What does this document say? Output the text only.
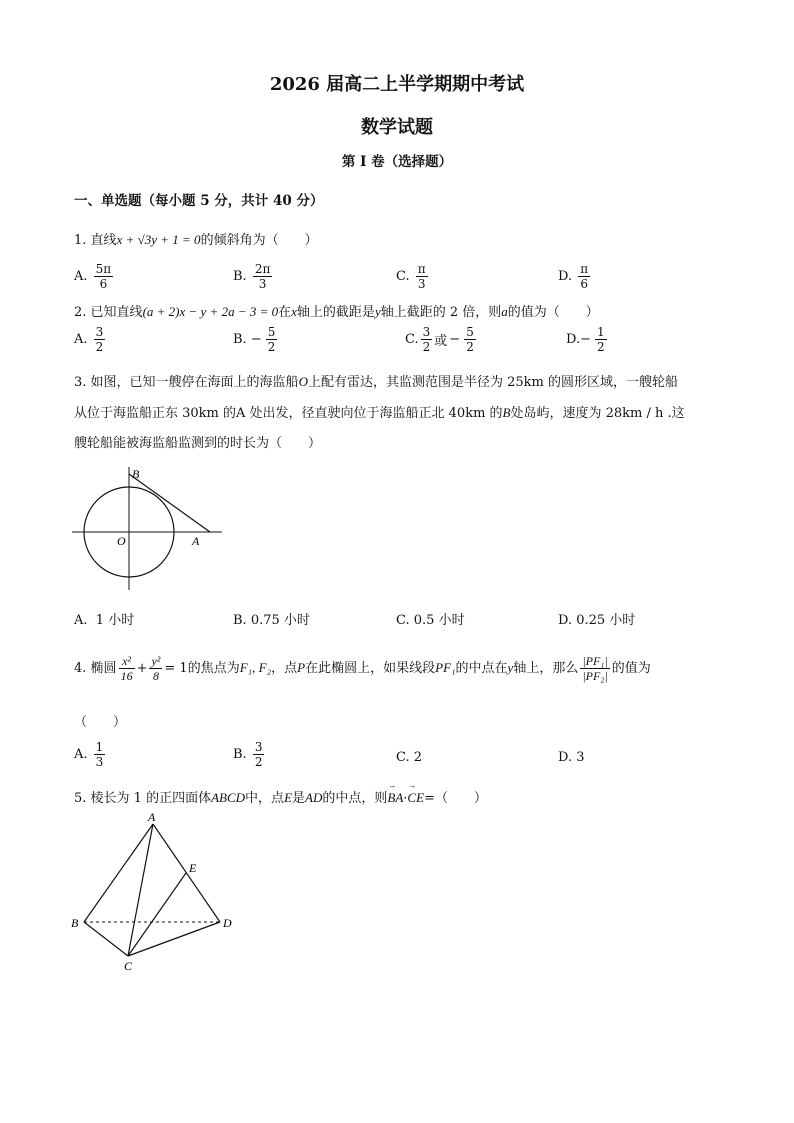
2026 届高二上半学期期中考试
数学试题
第 I 卷（选择题）
一、单选题（每小题 5 分，共计 40 分）
1. 直线x + √3y + 1 = 0的倾斜角为（　　）
A. $\frac{5\pi}{6}$	B. $\frac{2\pi}{3}$	C. $\frac{\pi}{3}$	D. $\frac{\pi}{6}$
2. 已知直线(a + 2)x − y + 2a − 3 = 0在x轴上的截距是y轴上截距的 2 倍，则a的值为（　　）
A. $\frac{3}{2}$	B. − $\frac{5}{2}$	C. $\frac{3}{2}$ 或 − $\frac{5}{2}$	$D.- \frac{1}{2}$
3. 如图，已知一艘停在海面上的海监船O上配有雷达，其监测范围是半径为 25km 的圆形区域，一艘轮船
从位于海监船正东 30km 的A 处出发，径直驶向位于海监船正北 40km 的B处岛屿，速度为 28km / h .这
艘轮船能被海监船监测到的时长为（　　）
B
O	A
A. 1 小时	B. 0.75 小时	C. 0.5 小时	D. 0.25 小时
4. 椭圆 $\frac{\text{x²}}{16} + \frac{\text{y²}}{8} = 1$的焦点为F₁, F₂，点P在此椭圆上，如果线段PF₁的中点在y轴上，那么 $\frac{\text{|PF₁|}}{\text{|PF₂|}}$ 的值为
（　　）
A. $\frac{1}{3}$	B. $\frac{3}{2}$	C. 2	D. 3
5. 棱长为 1 的正四面体ABCD中，点E是AD的中点，则→ BA·→ CE=（　　）
A
E
B	D
C
